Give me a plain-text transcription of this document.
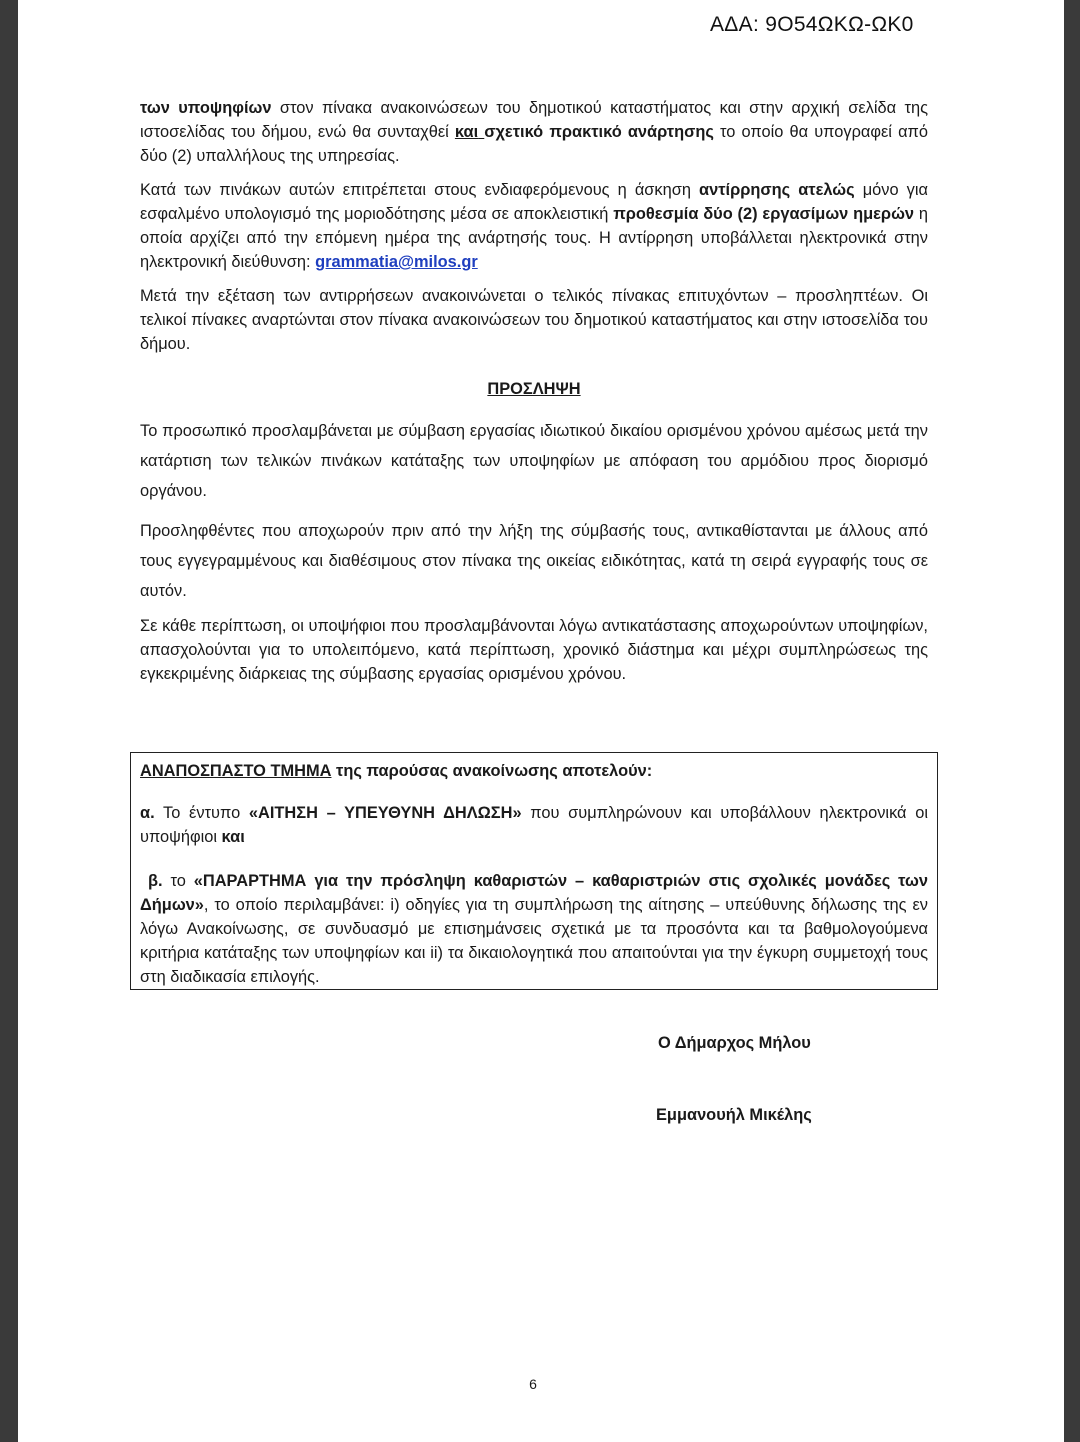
ΑΔΑ: 9Ο54ΩΚΩ-ΩΚ0

των υποψηφίων στον πίνακα ανακοινώσεων του δημοτικού καταστήματος και στην αρχική σελίδα της ιστοσελίδας του δήμου, ενώ θα συνταχθεί και σχετικό πρακτικό ανάρτησης το οποίο θα υπογραφεί από δύο (2) υπαλλήλους της υπηρεσίας.

Κατά των πινάκων αυτών επιτρέπεται στους ενδιαφερόμενους η άσκηση αντίρρησης ατελώς μόνο για εσφαλμένο υπολογισμό της μοριοδότησης μέσα σε αποκλειστική προθεσμία δύο (2) εργασίμων ημερών η οποία αρχίζει από την επόμενη ημέρα της ανάρτησής τους. Η αντίρρηση υποβάλλεται ηλεκτρονικά στην ηλεκτρονική διεύθυνση: grammatia@milos.gr

Μετά την εξέταση των αντιρρήσεων ανακοινώνεται ο τελικός πίνακας επιτυχόντων – προσληπτέων. Οι τελικοί πίνακες αναρτώνται στον πίνακα ανακοινώσεων του δημοτικού καταστήματος και στην ιστοσελίδα του δήμου.

ΠΡΟΣΛΗΨΗ

Το προσωπικό προσλαμβάνεται με σύμβαση εργασίας ιδιωτικού δικαίου ορισμένου χρόνου αμέσως μετά την κατάρτιση των τελικών πινάκων κατάταξης των υποψηφίων με απόφαση του αρμόδιου προς διορισμό οργάνου.

Προσληφθέντες που αποχωρούν πριν από την λήξη της σύμβασής τους, αντικαθίστανται με άλλους από τους εγγεγραμμένους και διαθέσιμους στον πίνακα της οικείας ειδικότητας, κατά τη σειρά εγγραφής τους σε αυτόν.

Σε κάθε περίπτωση, οι υποψήφιοι που προσλαμβάνονται λόγω αντικατάστασης αποχωρούντων υποψηφίων, απασχολούνται για το υπολειπόμενο, κατά περίπτωση, χρονικό διάστημα και μέχρι συμπληρώσεως της εγκεκριμένης διάρκειας της σύμβασης εργασίας ορισμένου χρόνου.

ΑΝΑΠΟΣΠΑΣΤΟ ΤΜΗΜΑ της παρούσας ανακοίνωσης αποτελούν:

α. Το έντυπο «ΑΙΤΗΣΗ – ΥΠΕΥΘΥΝΗ ΔΗΛΩΣΗ» που συμπληρώνουν και υποβάλλουν ηλεκτρονικά οι υποψήφιοι και

β. το «ΠΑΡΑΡΤΗΜΑ για την πρόσληψη καθαριστών – καθαριστριών στις σχολικές μονάδες των Δήμων», το οποίο περιλαμβάνει: i) οδηγίες για τη συμπλήρωση της αίτησης – υπεύθυνης δήλωσης της εν λόγω Ανακοίνωσης, σε συνδυασμό με επισημάνσεις σχετικά με τα προσόντα και τα βαθμολογούμενα κριτήρια κατάταξης των υποψηφίων και ii) τα δικαιολογητικά που απαιτούνται για την έγκυρη συμμετοχή τους στη διαδικασία επιλογής.

Ο Δήμαρχος Μήλου
Εμμανουήλ Μικέλης
6
